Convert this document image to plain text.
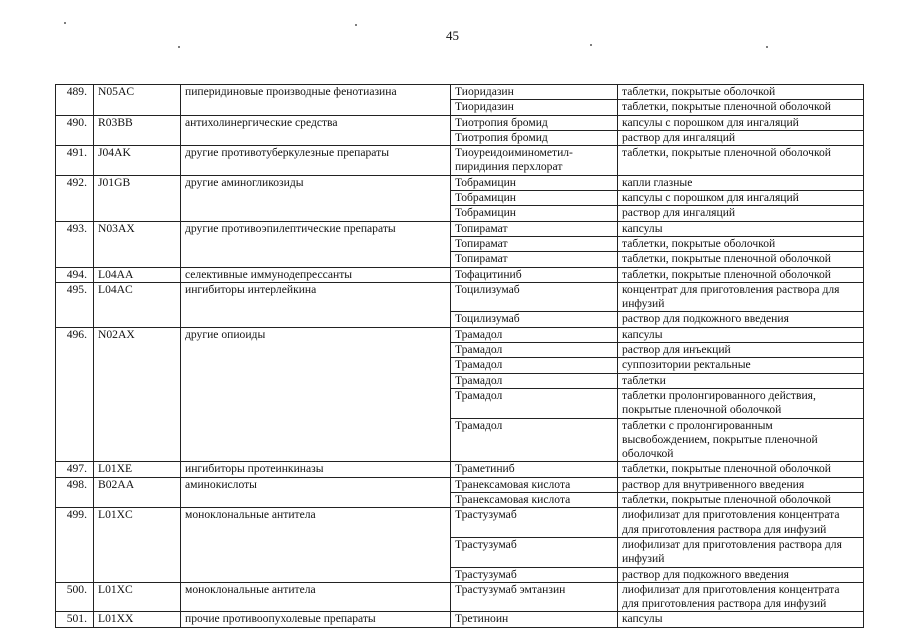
45
489.	N05AC	пиперидиновые производные фенотиазина	Тиоридазин	таблетки, покрытые оболочкой
			Тиоридазин	таблетки, покрытые пленочной оболочкой
490.	R03BB	антихолинергические средства	Тиотропия бромид	капсулы с порошком для ингаляций
			Тиотропия бромид	раствор для ингаляций
491.	J04AK	другие противотуберкулезные препараты	Тиоуреидоиминометил-пиридиния перхлорат	таблетки, покрытые пленочной оболочкой
492.	J01GB	другие аминогликозиды	Тобрамицин	капли глазные
			Тобрамицин	капсулы с порошком для ингаляций
			Тобрамицин	раствор для ингаляций
493.	N03AX	другие противоэпилептические препараты	Топирамат	капсулы
			Топирамат	таблетки, покрытые оболочкой
			Топирамат	таблетки, покрытые пленочной оболочкой
494.	L04AA	селективные иммунодепрессанты	Тофацитиниб	таблетки, покрытые пленочной оболочкой
495.	L04AC	ингибиторы интерлейкина	Тоцилизумаб	концентрат для приготовления раствора для инфузий
			Тоцилизумаб	раствор для подкожного введения
496.	N02AX	другие опиоиды	Трамадол	капсулы
			Трамадол	раствор для инъекций
			Трамадол	суппозитории ректальные
			Трамадол	таблетки
			Трамадол	таблетки пролонгированного действия, покрытые пленочной оболочкой
			Трамадол	таблетки с пролонгированным высвобождением, покрытые пленочной оболочкой
497.	L01XE	ингибиторы протеинкиназы	Траметиниб	таблетки, покрытые пленочной оболочкой
498.	B02AA	аминокислоты	Транексамовая кислота	раствор для внутривенного введения
			Транексамовая кислота	таблетки, покрытые пленочной оболочкой
499.	L01XC	моноклональные антитела	Трастузумаб	лиофилизат для приготовления концентрата для приготовления раствора для инфузий
			Трастузумаб	лиофилизат для приготовления раствора для инфузий
			Трастузумаб	раствор для подкожного введения
500.	L01XC	моноклональные антитела	Трастузумаб эмтанзин	лиофилизат для приготовления концентрата для приготовления раствора для инфузий
501.	L01XX	прочие противоопухолевые препараты	Третиноин	капсулы
